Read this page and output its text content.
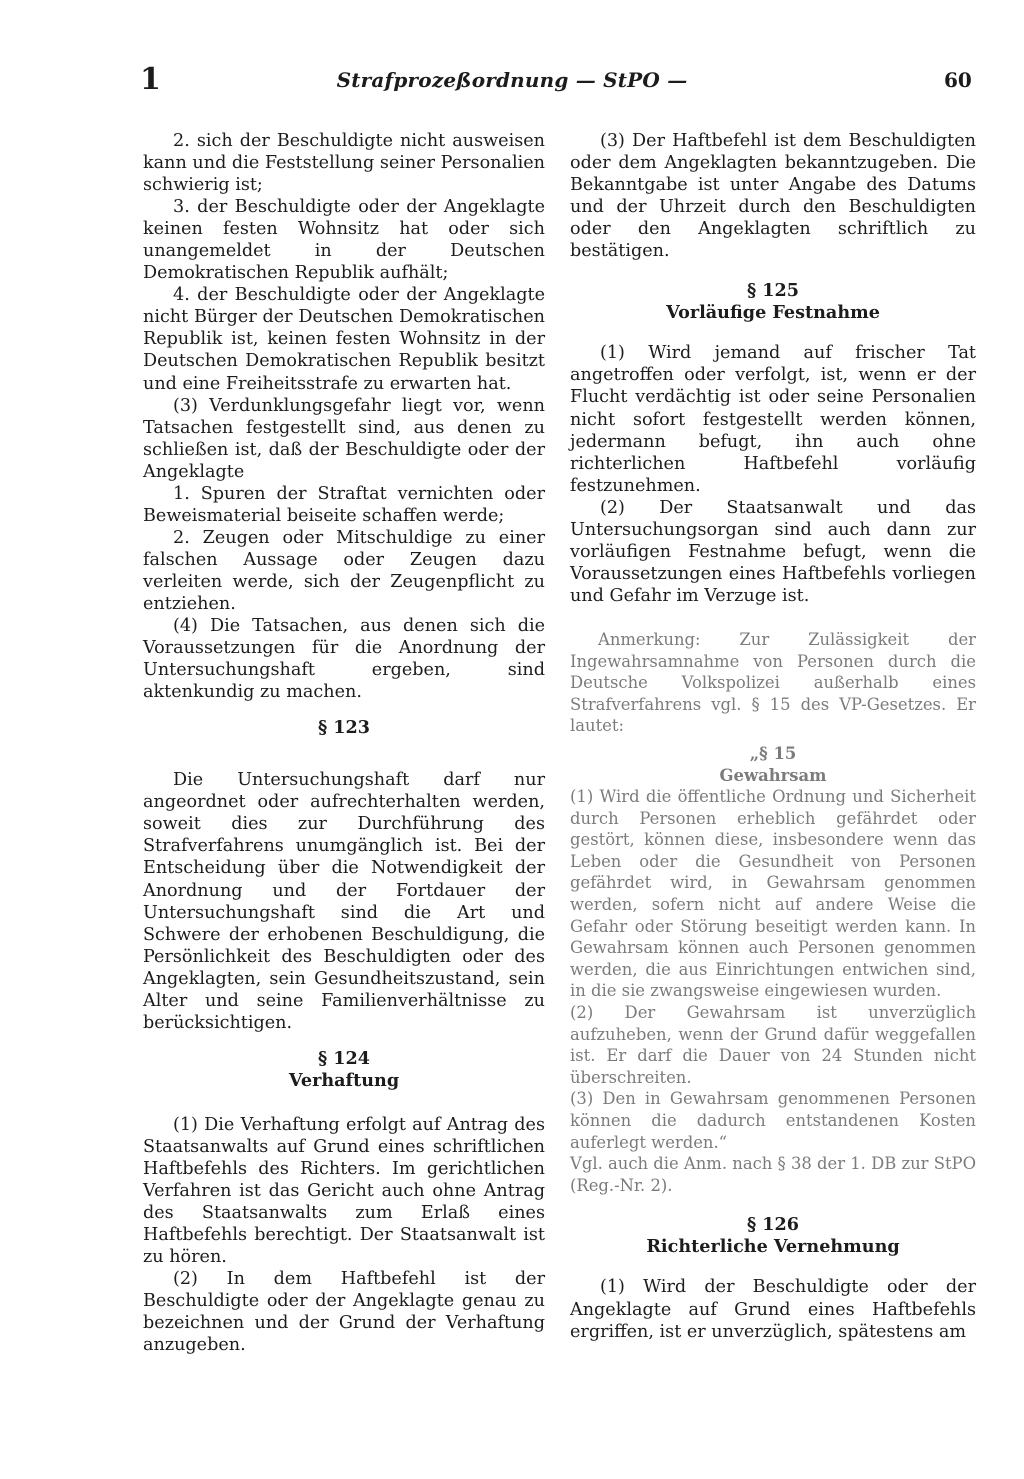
1	Strafprozeßordnung — StPO —	60

2. sich der Beschuldigte nicht ausweisen kann und die Feststellung seiner Personalien schwierig ist;

3. der Beschuldigte oder der Angeklagte keinen festen Wohnsitz hat oder sich unangemeldet in der Deutschen Demokratischen Republik aufhält;

4. der Beschuldigte oder der Angeklagte nicht Bürger der Deutschen Demokratischen Republik ist, keinen festen Wohnsitz in der Deutschen Demokratischen Republik besitzt und eine Freiheitsstrafe zu erwarten hat.

(3) Verdunklungsgefahr liegt vor, wenn Tatsachen festgestellt sind, aus denen zu schließen ist, daß der Beschuldigte oder der Angeklagte

1. Spuren der Straftat vernichten oder Beweismaterial beiseite schaffen werde;

2. Zeugen oder Mitschuldige zu einer falschen Aussage oder Zeugen dazu verleiten werde, sich der Zeugenpflicht zu entziehen.

(4) Die Tatsachen, aus denen sich die Voraussetzungen für die Anordnung der Untersuchungshaft ergeben, sind aktenkundig zu machen.

§ 123

Die Untersuchungshaft darf nur angeordnet oder aufrechterhalten werden, soweit dies zur Durchführung des Strafverfahrens unumgänglich ist. Bei der Entscheidung über die Notwendigkeit der Anordnung und der Fortdauer der Untersuchungshaft sind die Art und Schwere der erhobenen Beschuldigung, die Persönlichkeit des Beschuldigten oder des Angeklagten, sein Gesundheitszustand, sein Alter und seine Familienverhältnisse zu berücksichtigen.

§ 124

Verhaftung

(1) Die Verhaftung erfolgt auf Antrag des Staatsanwalts auf Grund eines schriftlichen Haftbefehls des Richters. Im gerichtlichen Verfahren ist das Gericht auch ohne Antrag des Staatsanwalts zum Erlaß eines Haftbefehls berechtigt. Der Staatsanwalt ist zu hören.

(2) In dem Haftbefehl ist der Beschuldigte oder der Angeklagte genau zu bezeichnen und der Grund der Verhaftung anzugeben.

(3) Der Haftbefehl ist dem Beschuldigten oder dem Angeklagten bekanntzugeben. Die Bekanntgabe ist unter Angabe des Datums und der Uhrzeit durch den Beschuldigten oder den Angeklagten schriftlich zu bestätigen.

§ 125

Vorläufige Festnahme

(1) Wird jemand auf frischer Tat angetroffen oder verfolgt, ist, wenn er der Flucht verdächtig ist oder seine Personalien nicht sofort festgestellt werden können, jedermann befugt, ihn auch ohne richterlichen Haftbefehl vorläufig festzunehmen.

(2) Der Staatsanwalt und das Untersuchungsorgan sind auch dann zur vorläufigen Festnahme befugt, wenn die Voraussetzungen eines Haftbefehls vorliegen und Gefahr im Verzuge ist.

Anmerkung: Zur Zulässigkeit der Ingewahrsamnahme von Personen durch die Deutsche Volkspolizei außerhalb eines Strafverfahrens vgl. § 15 des VP-Gesetzes. Er lautet:

„§ 15

Gewahrsam

(1) Wird die öffentliche Ordnung und Sicherheit durch Personen erheblich gefährdet oder gestört, können diese, insbesondere wenn das Leben oder die Gesundheit von Personen gefährdet wird, in Gewahrsam genommen werden, sofern nicht auf andere Weise die Gefahr oder Störung beseitigt werden kann. In Gewahrsam können auch Personen genommen werden, die aus Einrichtungen entwichen sind, in die sie zwangsweise eingewiesen wurden.

(2) Der Gewahrsam ist unverzüglich aufzuheben, wenn der Grund dafür weggefallen ist. Er darf die Dauer von 24 Stunden nicht überschreiten.

(3) Den in Gewahrsam genommenen Personen können die dadurch entstandenen Kosten auferlegt werden.“

Vgl. auch die Anm. nach § 38 der 1. DB zur StPO (Reg.-Nr. 2).

§ 126

Richterliche Vernehmung

(1) Wird der Beschuldigte oder der Angeklagte auf Grund eines Haftbefehls ergriffen, ist er unverzüglich, spätestens am
